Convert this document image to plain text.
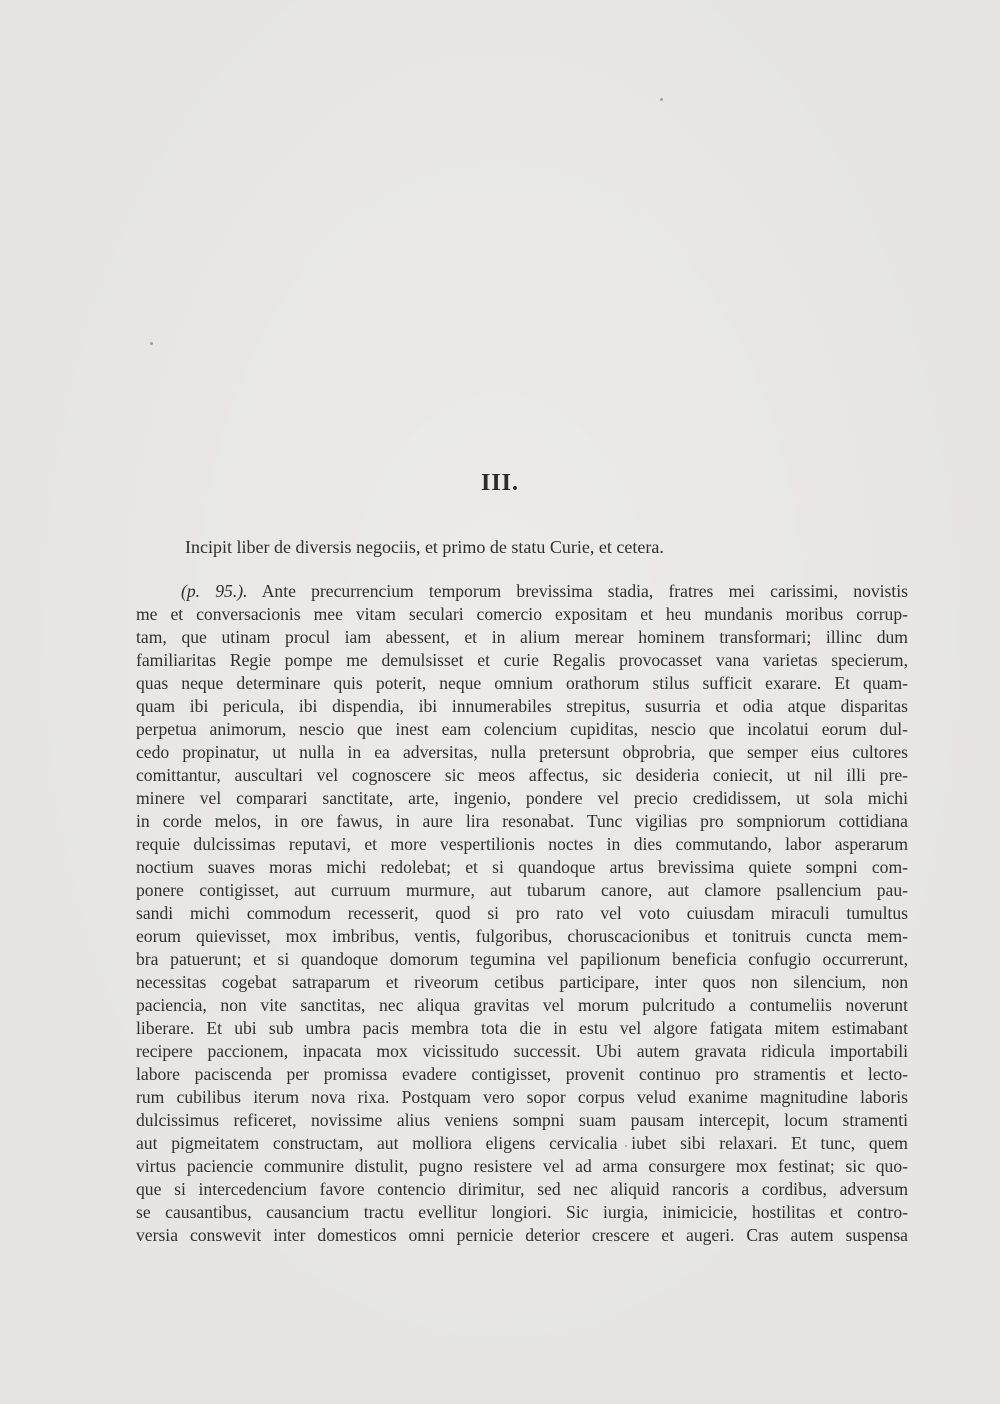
III.
Incipit liber de diversis negociis, et primo de statu Curie, et cetera.
(p. 95.). Ante precurrencium temporum brevissima stadia, fratres mei carissimi, novistis
me et conversacionis mee vitam seculari comercio expositam et heu mundanis moribus corrup-
tam, que utinam procul iam abessent, et in alium merear hominem transformari; illinc dum
familiaritas Regie pompe me demulsisset et curie Regalis provocasset vana varietas specierum,
quas neque determinare quis poterit, neque omnium orathorum stilus sufficit exarare. Et quam-
quam ibi pericula, ibi dispendia, ibi innumerabiles strepitus, susurria et odia atque disparitas
perpetua animorum, nescio que inest eam colencium cupiditas, nescio que incolatui eorum dul-
cedo propinatur, ut nulla in ea adversitas, nulla pretersunt obprobria, que semper eius cultores
comittantur, auscultari vel cognoscere sic meos affectus, sic desideria coniecit, ut nil illi pre-
minere vel comparari sanctitate, arte, ingenio, pondere vel precio credidissem, ut sola michi
in corde melos, in ore fawus, in aure lira resonabat. Tunc vigilias pro sompniorum cottidiana
requie dulcissimas reputavi, et more vespertilionis noctes in dies commutando, labor asperarum
noctium suaves moras michi redolebat; et si quandoque artus brevissima quiete sompni com-
ponere contigisset, aut curruum murmure, aut tubarum canore, aut clamore psallencium pau-
sandi michi commodum recesserit, quod si pro rato vel voto cuiusdam miraculi tumultus
eorum quievisset, mox imbribus, ventis, fulgoribus, choruscacionibus et tonitruis cuncta mem-
bra patuerunt; et si quandoque domorum tegumina vel papilionum beneficia confugio occurrerunt,
necessitas cogebat satraparum et riveorum cetibus participare, inter quos non silencium, non
paciencia, non vite sanctitas, nec aliqua gravitas vel morum pulcritudo a contumeliis noverunt
liberare. Et ubi sub umbra pacis membra tota die in estu vel algore fatigata mitem estimabant
recipere paccionem, inpacata mox vicissitudo successit. Ubi autem gravata ridicula importabili
labore paciscenda per promissa evadere contigisset, provenit continuo pro stramentis et lecto-
rum cubilibus iterum nova rixa. Postquam vero sopor corpus velud exanime magnitudine laboris
dulcissimus reficeret, novissime alius veniens sompni suam pausam intercepit, locum stramenti
aut pigmeitatem constructam, aut molliora eligens cervicalia iubet sibi relaxari. Et tunc, quem
virtus paciencie communire distulit, pugno resistere vel ad arma consurgere mox festinat; sic quo-
que si intercedencium favore contencio dirimitur, sed nec aliquid rancoris a cordibus, adversum
se causantibus, causancium tractu evellitur longiori. Sic iurgia, inimicicie, hostilitas et contro-
versia conswevit inter domesticos omni pernicie deterior crescere et augeri. Cras autem suspensa
